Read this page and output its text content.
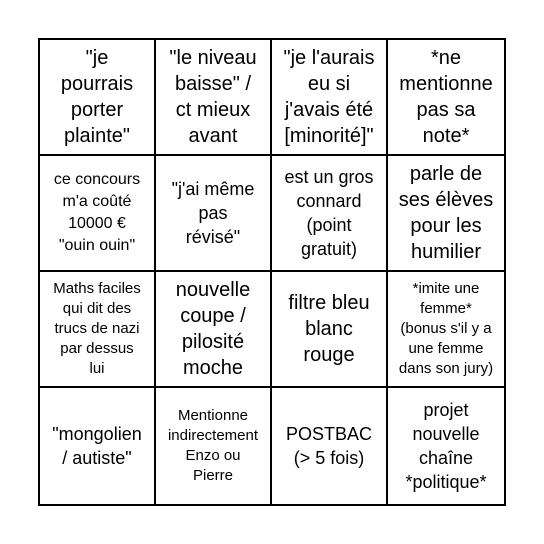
"je
pourrais
porter
plainte"
"le niveau
baisse" /
ct mieux
avant
"je l'aurais
eu si
j'avais été
[minorité]"
*ne
mentionne
pas sa
note*
ce concours
m'a coûté
10000 €
"ouin ouin"
"j'ai même
pas
révisé"
est un gros
connard
(point
gratuit)
parle de
ses élèves
pour les
humilier
Maths faciles
qui dit des
trucs de nazi
par dessus
lui
nouvelle
coupe /
pilosité
moche
filtre bleu
blanc
rouge
*imite une
femme*
(bonus s'il y a
une femme
dans son jury)
"mongolien
/ autiste"
Mentionne
indirectement
Enzo ou
Pierre
POSTBAC
(> 5 fois)
projet
nouvelle
chaîne
*politique*
